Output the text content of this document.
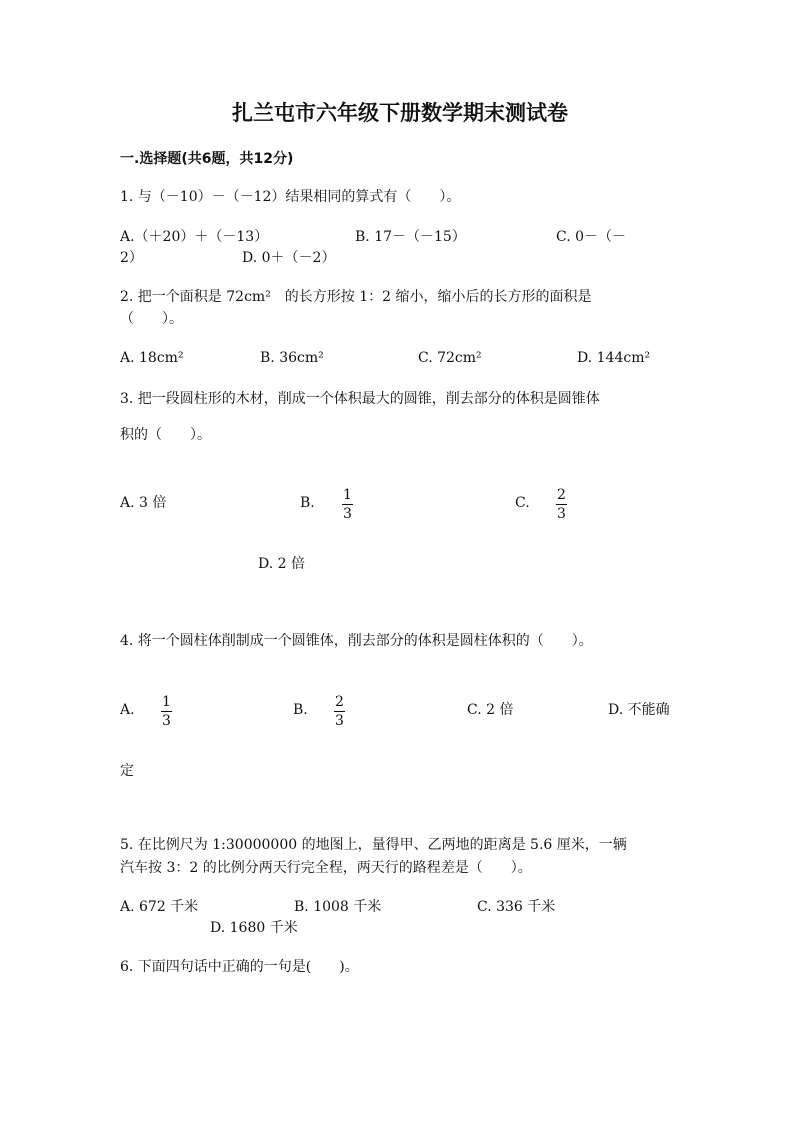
扎兰屯市六年级下册数学期末测试卷
一.选择题(共6题，共12分)
1. 与（－10）－（－12）结果相同的算式有（　　）。
A.（＋20）＋（－13）	B. 17－（－15）	C. 0－（－
2）	D. 0＋（－2）
2. 把一个面积是 72cm²　的长方形按 1：2 缩小，缩小后的长方形的面积是
（　　）。
A. 18cm²	B. 36cm²	C. 72cm²	D. 144cm²
3. 把一段圆柱形的木材，削成一个体积最大的圆锥，削去部分的体积是圆锥体
积的（　　）。
A. 3 倍	B. $\frac{1}{3}$	C. $\frac{2}{3}$
D. 2 倍
4. 将一个圆柱体削制成一个圆锥体，削去部分的体积是圆柱体积的（　　）。
A. $\frac{1}{3}$	B. $\frac{2}{3}$	C. 2 倍	D. 不能确
定
5. 在比例尺为 1:30000000 的地图上，量得甲、乙两地的距离是 5.6 厘米，一辆
汽车按 3：2 的比例分两天行完全程，两天行的路程差是（　　）。
A. 672 千米	B. 1008 千米	C. 336 千米
D. 1680 千米
6. 下面四句话中正确的一句是(　　)。
